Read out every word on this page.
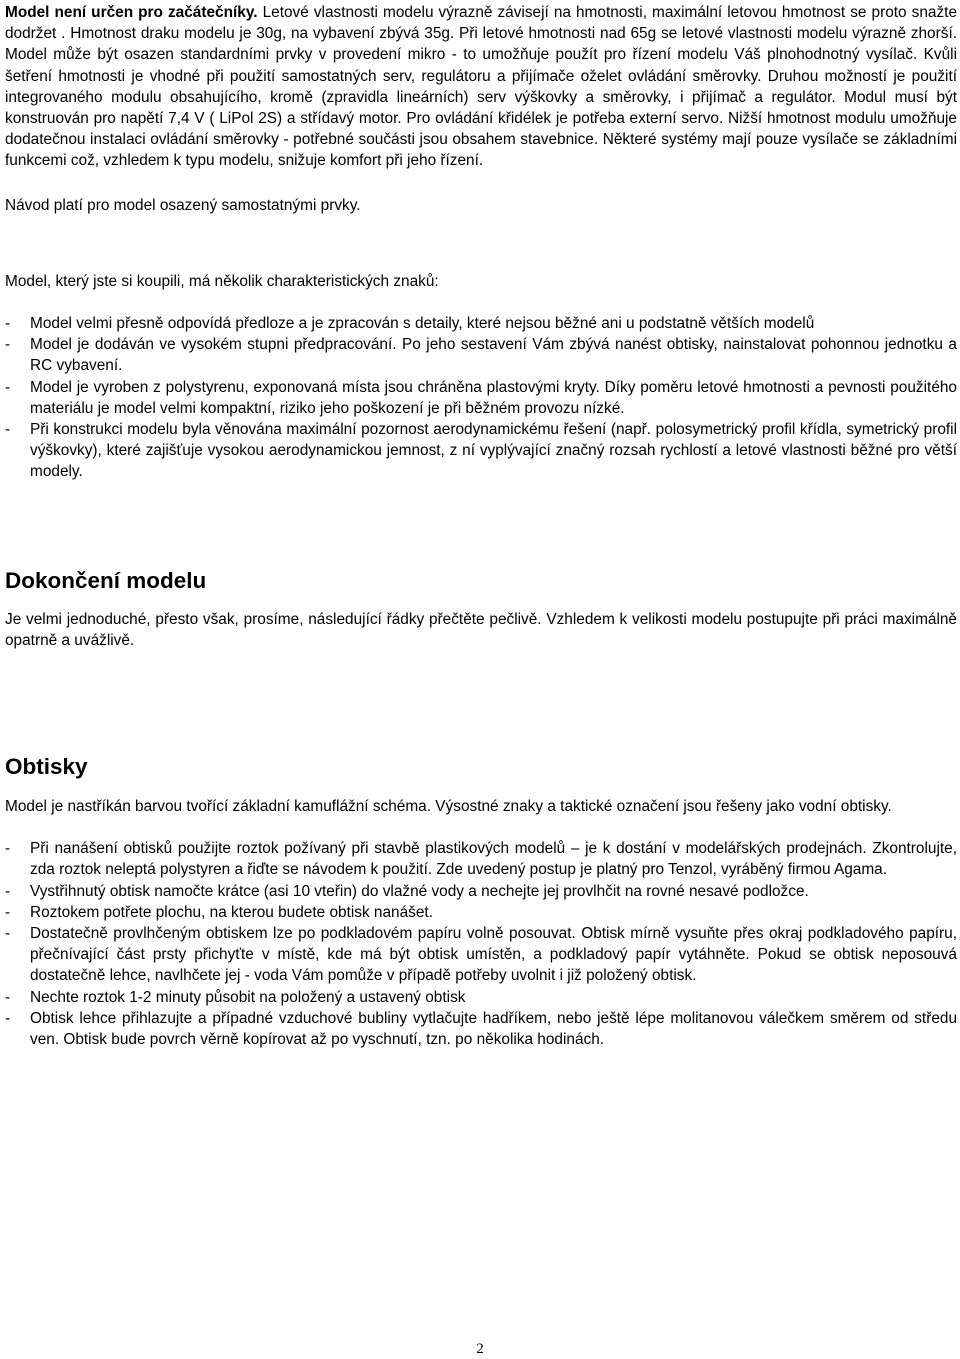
Model není určen pro začátečníky. Letové vlastnosti modelu výrazně závisejí na hmotnosti, maximální letovou hmotnost se proto snažte dodržet . Hmotnost draku modelu je 30g, na vybavení zbývá 35g. Při letové hmotnosti nad 65g se letové vlastnosti modelu výrazně zhorší. Model může být osazen standardními prvky v provedení mikro - to umožňuje použít pro řízení modelu Váš plnohodnotný vysílač. Kvůli šetření hmotnosti je vhodné při použití samostatných serv, regulátoru a přijímače oželet ovládání směrovky. Druhou možností je použití integrovaného modulu obsahujícího, kromě (zpravidla lineárních) serv výškovky a směrovky, i přijímač a regulátor. Modul musí být konstruován pro napětí 7,4 V ( LiPol 2S) a střídavý motor. Pro ovládání křidélek je potřeba externí servo. Nižší hmotnost modulu umožňuje dodatečnou instalaci ovládání směrovky - potřebné součásti jsou obsahem stavebnice. Některé systémy mají pouze vysílače se základními funkcemi což, vzhledem k typu modelu, snižuje komfort při jeho řízení.

Návod platí pro model osazený samostatnými prvky.

Model, který jste si koupili, má několik charakteristických znaků:

- Model velmi přesně odpovídá předloze a je zpracován s detaily, které nejsou běžné ani u podstatně větších modelů
- Model je dodáván ve vysokém stupni předpracování. Po jeho sestavení Vám zbývá nanést obtisky, nainstalovat pohonnou jednotku a RC vybavení.
- Model je vyroben z polystyrenu, exponovaná místa jsou chráněna plastovými kryty. Díky poměru letové hmotnosti a pevnosti použitého materiálu je model velmi kompaktní, riziko jeho poškození je při běžném provozu nízké.
- Při konstrukci modelu byla věnována maximální pozornost aerodynamickému řešení (např. polosymetrický profil křídla, symetrický profil výškovky), které zajišťuje vysokou aerodynamickou jemnost, z ní vyplývající značný rozsah rychlostí a letové vlastnosti běžné pro větší modely.
Dokončení modelu

Je velmi jednoduché, přesto však, prosíme, následující řádky přečtěte pečlivě. Vzhledem k velikosti modelu postupujte při práci maximálně opatrně a uvážlivě.

Obtisky

Model je nastříkán barvou tvořící základní kamuflážní schéma. Výsostné znaky a taktické označení jsou řešeny jako vodní obtisky.

- Při nanášení obtisků použijte roztok požívaný při stavbě plastikových modelů – je k dostání v modelářských prodejnách. Zkontrolujte, zda roztok neleptá polystyren a řiďte se návodem k použití. Zde uvedený postup je platný pro Tenzol, vyráběný firmou Agama.
- Vystřihnutý obtisk namočte krátce (asi 10 vteřin) do vlažné vody a nechejte jej provlhčit na rovné nesavé podložce.
- Roztokem potřete plochu, na kterou budete obtisk nanášet.
- Dostatečně provlhčeným obtiskem lze po podkladovém papíru volně posouvat. Obtisk mírně vysuňte přes okraj podkladového papíru, přečnívající část prsty přichyťte v místě, kde má být obtisk umístěn, a podkladový papír vytáhněte. Pokud se obtisk neposouvá dostatečně lehce, navlhčete jej - voda Vám pomůže v případě potřeby uvolnit i již položený obtisk.
- Nechte roztok 1-2 minuty působit na položený a ustavený obtisk
- Obtisk lehce přihlazujte a případné vzduchové bubliny vytlačujte hadříkem, nebo ještě lépe molitanovou válečkem směrem od středu ven. Obtisk bude povrch věrně kopírovat až po vyschnutí, tzn. po několika hodinách.
2
